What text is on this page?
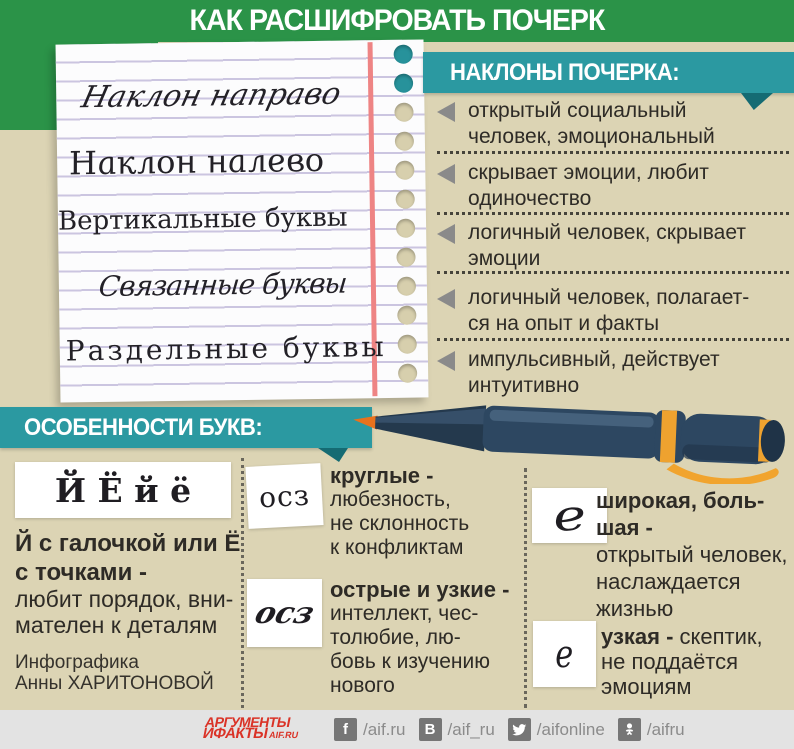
КАК РАСШИФРОВАТЬ ПОЧЕРК
Наклон направо
Наклон налево
Вертикальные буквы
Связанные буквы
Раздельные буквы
НАКЛОНЫ ПОЧЕРКА:
открытый социальный
человек, эмоциональный
скрывает эмоции, любит
одиночество
логичный человек, скрывает
эмоции
логичный человек, полагает-
ся на опыт и факты
импульсивный, действует
интуитивно
ОСОБЕННОСТИ БУКВ:
Й Ё й ё
Й с галочкой или Ё
с точками -
любит порядок, вни-
мателен к деталям
Инфографика
Анны ХАРИТОНОВОЙ
осз
круглые -
любезность,
не склонность
к конфликтам
осз
острые и узкие -
интеллект, чес-
толюбие, лю-
бовь к изучению
нового
е широкая, боль-
шая -
открытый человек,
наслаждается
жизнью
е узкая - скептик,
не поддаётся
эмоциям
АРГУМЕНТЫ
ИФАКТЫAIF.RU	f /aif.ru	В /aif_ru /aifonline /aifru
